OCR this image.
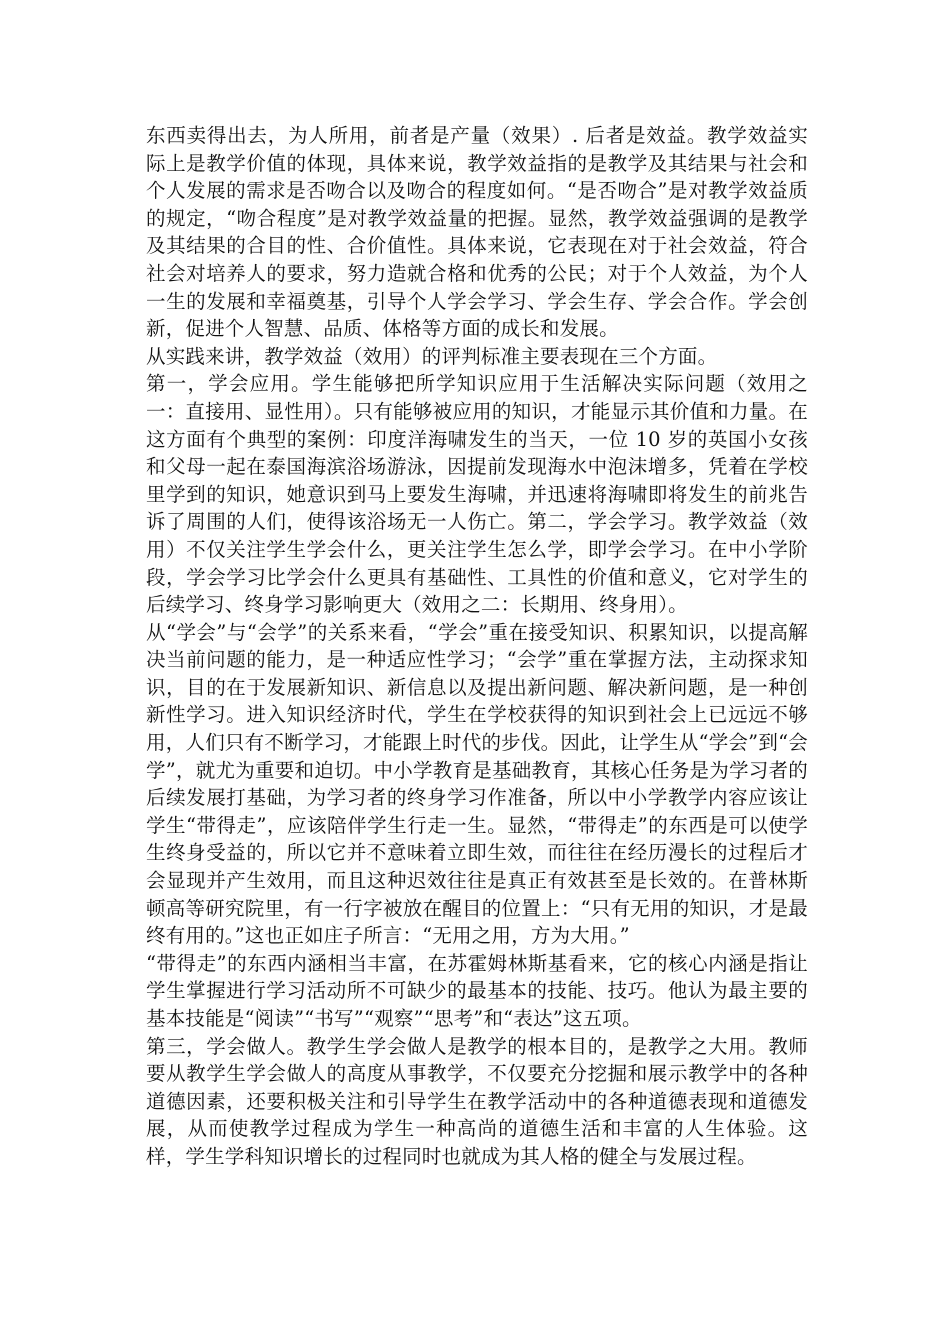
东西卖得出去，为人所用，前者是产量（效果）. 后者是效益。教学效益实际上是教学价值的体现，具体来说，教学效益指的是教学及其结果与社会和个人发展的需求是否吻合以及吻合的程度如何。“是否吻合”是对教学效益质的规定，“吻合程度”是对教学效益量的把握。显然，教学效益强调的是教学及其结果的合目的性、合价值性。具体来说，它表现在对于社会效益，符合社会对培养人的要求，努力造就合格和优秀的公民；对于个人效益，为个人一生的发展和幸福奠基，引导个人学会学习、学会生存、学会合作。学会创新，促进个人智慧、品质、体格等方面的成长和发展。

从实践来讲，教学效益（效用）的评判标准主要表现在三个方面。

第一，学会应用。学生能够把所学知识应用于生活解决实际问题（效用之一：直接用、显性用）。只有能够被应用的知识，才能显示其价值和力量。在这方面有个典型的案例：印度洋海啸发生的当天，一位 10 岁的英国小女孩和父母一起在泰国海滨浴场游泳，因提前发现海水中泡沫增多，凭着在学校里学到的知识，她意识到马上要发生海啸，并迅速将海啸即将发生的前兆告诉了周围的人们，使得该浴场无一人伤亡。第二，学会学习。教学效益（效用）不仅关注学生学会什么，更关注学生怎么学，即学会学习。在中小学阶段，学会学习比学会什么更具有基础性、工具性的价值和意义，它对学生的后续学习、终身学习影响更大（效用之二：长期用、终身用）。

从“学会”与“会学”的关系来看，“学会”重在接受知识、积累知识，以提高解决当前问题的能力，是一种适应性学习；“会学”重在掌握方法，主动探求知识，目的在于发展新知识、新信息以及提出新问题、解决新问题，是一种创新性学习。进入知识经济时代，学生在学校获得的知识到社会上已远远不够用，人们只有不断学习，才能跟上时代的步伐。因此，让学生从“学会”到“会学”，就尤为重要和迫切。中小学教育是基础教育，其核心任务是为学习者的后续发展打基础，为学习者的终身学习作准备，所以中小学教学内容应该让学生“带得走”，应该陪伴学生行走一生。显然，“带得走”的东西是可以使学生终身受益的，所以它并不意味着立即生效，而往往在经历漫长的过程后才会显现并产生效用，而且这种迟效往往是真正有效甚至是长效的。在普林斯顿高等研究院里，有一行字被放在醒目的位置上：“只有无用的知识，才是最终有用的。”这也正如庄子所言：“无用之用，方为大用。”

“带得走”的东西内涵相当丰富，在苏霍姆林斯基看来，它的核心内涵是指让学生掌握进行学习活动所不可缺少的最基本的技能、技巧。他认为最主要的基本技能是“阅读”“书写”“观察”“思考”和“表达”这五项。

第三，学会做人。教学生学会做人是教学的根本目的，是教学之大用。教师要从教学生学会做人的高度从事教学，不仅要充分挖掘和展示教学中的各种道德因素，还要积极关注和引导学生在教学活动中的各种道德表现和道德发展，从而使教学过程成为学生一种高尚的道德生活和丰富的人生体验。这样，学生学科知识增长的过程同时也就成为其人格的健全与发展过程。
